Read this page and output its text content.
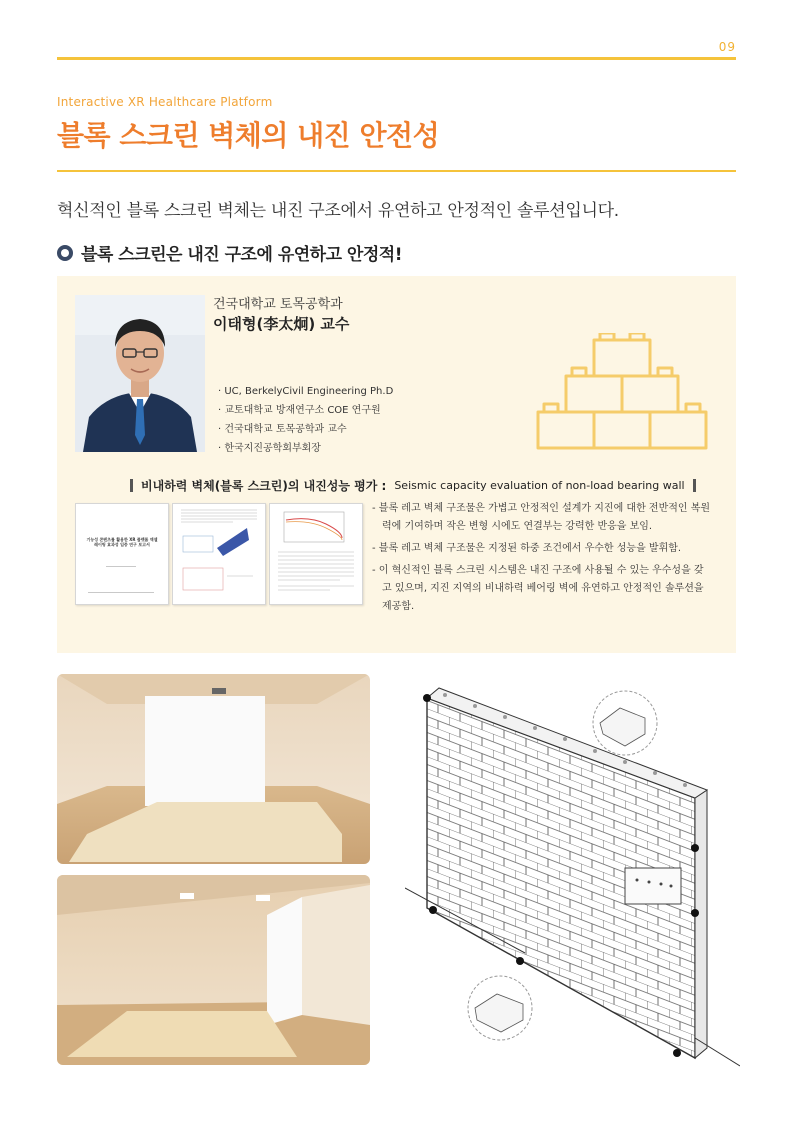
09
Interactive XR Healthcare Platform
블록 스크린 벽체의 내진 안전성
혁신적인 블록 스크린 벽체는 내진 구조에서 유연하고 안정적인 솔루션입니다.
블록 스크린은 내진 구조에 유연하고 안정적!
건국대학교 토목공학과
이태형(李太炯) 교수
· UC, BerkelyCivil Engineering Ph.D
· 교토대학교 방재연구소 COE 연구원
· 건국대학교 토목공학과 교수
· 한국지진공학회부회장
비내하력 벽체(블록 스크린)의 내진성능 평가 : Seismic capacity evaluation of non-load bearing wall
기능성 콘텐츠를 활용한 XR 플랫폼 엑셀레이팅 효과성 입증 연구 보고서
- 블록 레고 벽체 구조물은 가볍고 안정적인 설계가 지진에 대한 전반적인 복원력에 기여하며 작은 변형 시에도 연결부는 강력한 반응을 보임.
- 블록 레고 벽체 구조물은 지정된 하중 조건에서 우수한 성능을 발휘함.
- 이 혁신적인 블록 스크린 시스템은 내진 구조에 사용될 수 있는 우수성을 갖고 있으며, 지진 지역의 비내하력 베어링 벽에 유연하고 안정적인 솔루션을 제공함.
